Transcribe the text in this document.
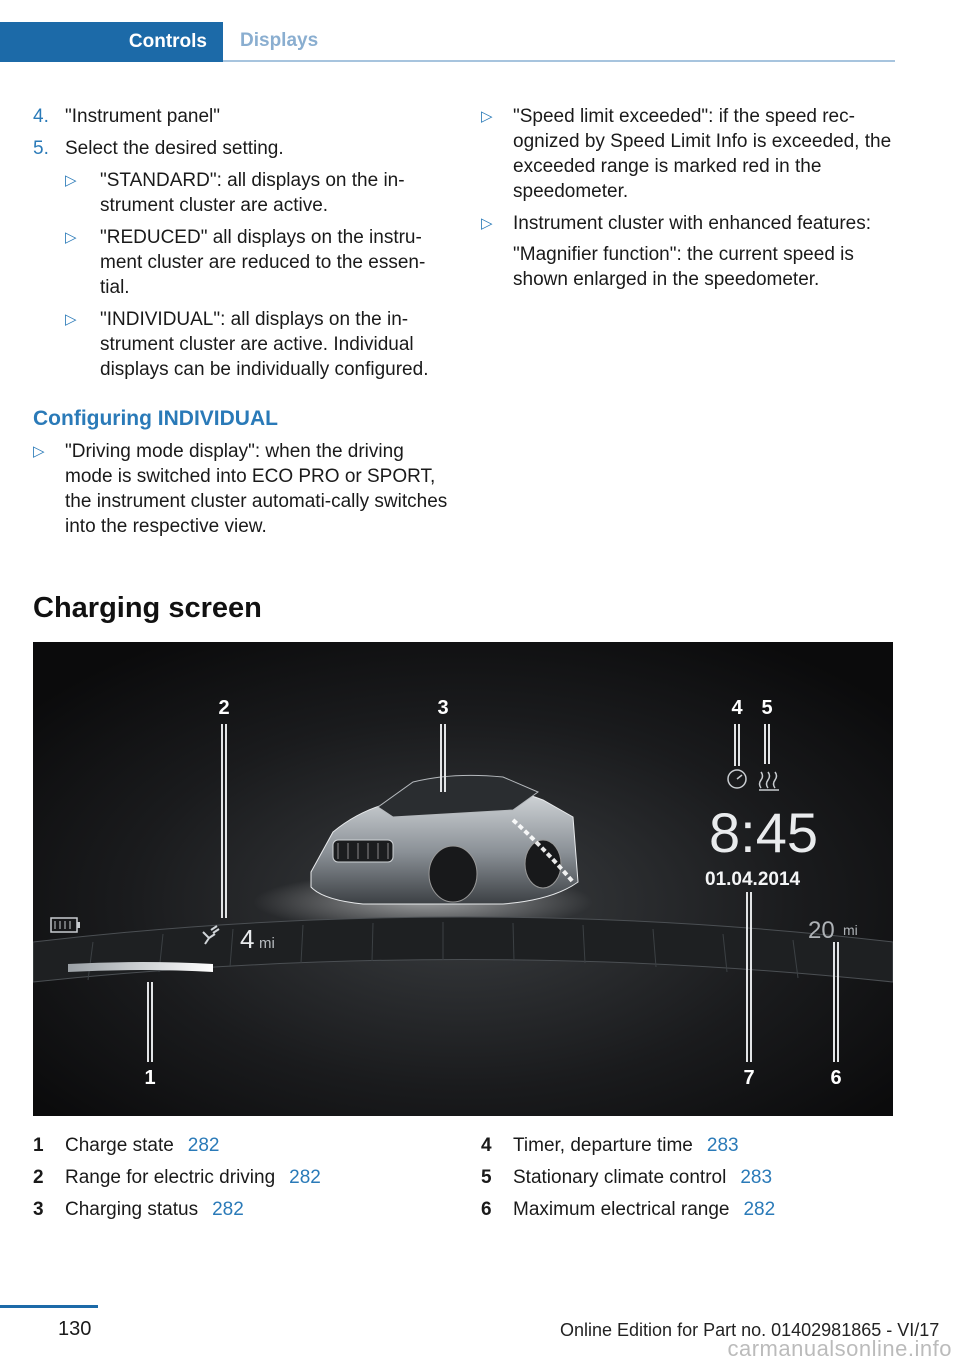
Controls	Displays
4. "Instrument panel"
5. Select the desired setting.
▷ "STANDARD": all displays on the in-strument cluster are active.
▷ "REDUCED" all displays on the instru-ment cluster are reduced to the essen-tial.
▷ "INDIVIDUAL": all displays on the in-strument cluster are active. Individual displays can be individually configured.
Configuring INDIVIDUAL
▷ "Driving mode display": when the driving mode is switched into ECO PRO or SPORT, the instrument cluster automati-cally switches into the respective view.
▷ "Speed limit exceeded": if the speed rec-ognized by Speed Limit Info is exceeded, the exceeded range is marked red in the speedometer.
▷ Instrument cluster with enhanced features:
"Magnifier function": the current speed is shown enlarged in the speedometer.
Charging screen
4 mi
8:45
01.04.2014
20 mi
1
2	3	4 5
6
7
1 Charge state 282
2 Range for electric driving 282
3 Charging status 282
4 Timer, departure time 283
5 Stationary climate control 283
6 Maximum electrical range 282
130	Online Edition for Part no. 01402981865 - VI/17
carmanualsonline.info
